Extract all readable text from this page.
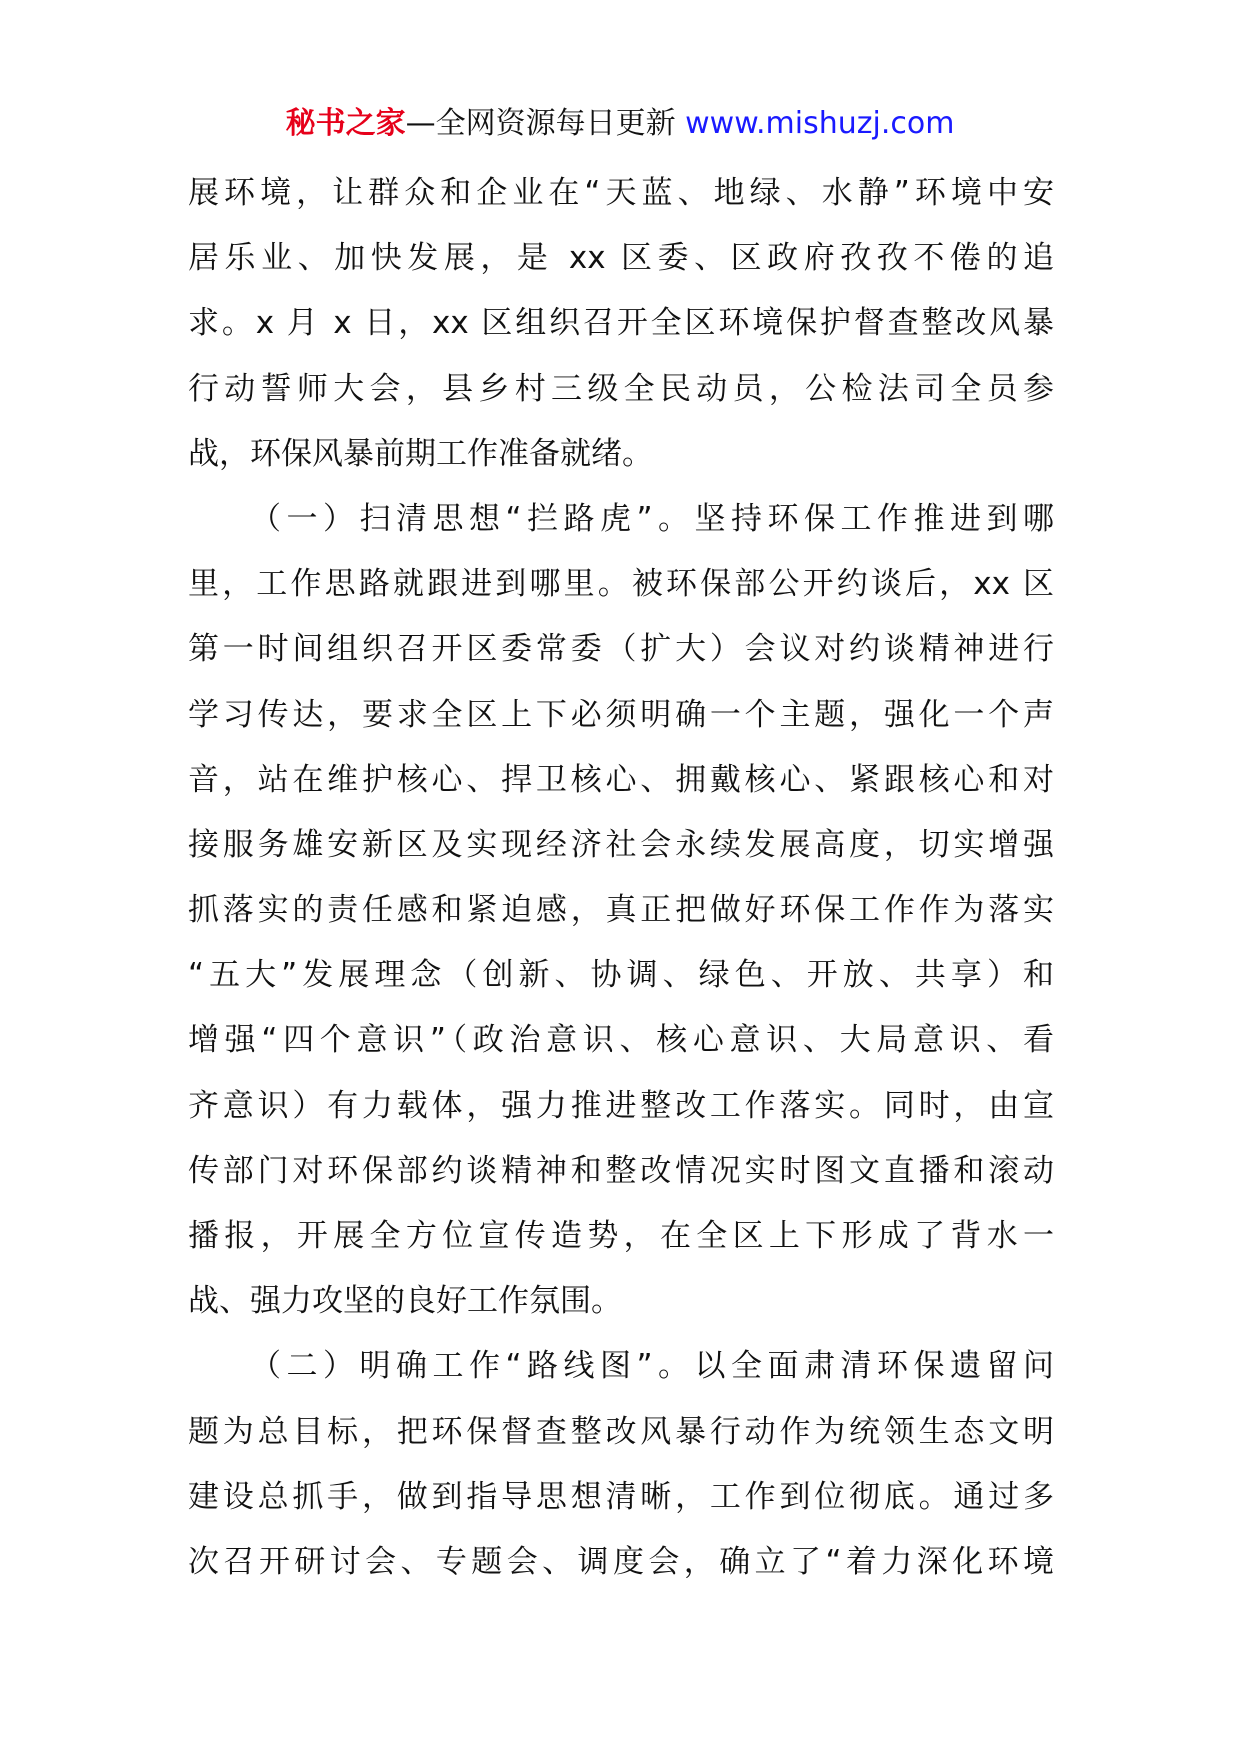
秘书之家—全网资源每日更新 www.mishuzj.com
展环境，让群众和企业在“天蓝、地绿、水静”环境中安
居乐业、加快发展，是 xx 区委、区政府孜孜不倦的追
求。x 月 x 日，xx 区组织召开全区环境保护督查整改风暴
行动誓师大会，县乡村三级全民动员，公检法司全员参
战，环保风暴前期工作准备就绪。
（一）扫清思想“拦路虎”。坚持环保工作推进到哪
里，工作思路就跟进到哪里。被环保部公开约谈后，xx 区
第一时间组织召开区委常委（扩大）会议对约谈精神进行
学习传达，要求全区上下必须明确一个主题，强化一个声
音，站在维护核心、捍卫核心、拥戴核心、紧跟核心和对
接服务雄安新区及实现经济社会永续发展高度，切实增强
抓落实的责任感和紧迫感，真正把做好环保工作作为落实
“五大”发展理念（创新、协调、绿色、开放、共享）和
增强“四个意识”（政治意识、核心意识、大局意识、看
齐意识）有力载体，强力推进整改工作落实。同时，由宣
传部门对环保部约谈精神和整改情况实时图文直播和滚动
播报，开展全方位宣传造势，在全区上下形成了背水一
战、强力攻坚的良好工作氛围。
（二）明确工作“路线图”。以全面肃清环保遗留问
题为总目标，把环保督查整改风暴行动作为统领生态文明
建设总抓手，做到指导思想清晰，工作到位彻底。通过多
次召开研讨会、专题会、调度会，确立了“着力深化环境
